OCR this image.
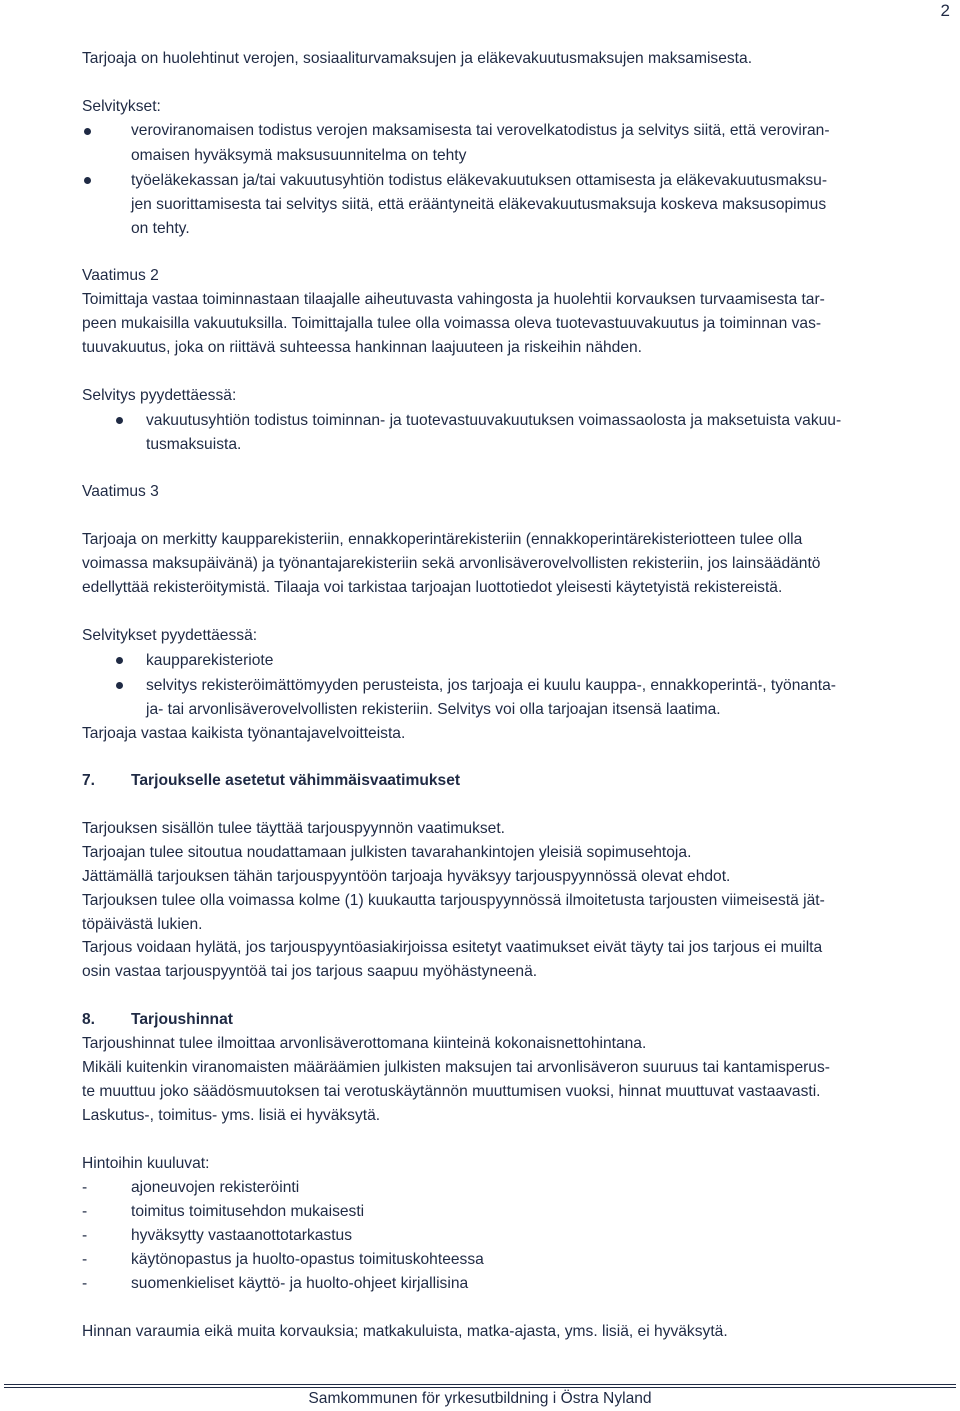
2
Tarjoaja on huolehtinut verojen, sosiaaliturvamaksujen ja eläkevakuutusmaksujen maksamisesta.
Selvitykset:
veroviranomaisen todistus verojen maksamisesta tai verovelkatodistus ja selvitys siitä, että veroviran-
omaisen hyväksymä maksusuunnitelma on tehty
työeläkekassan ja/tai vakuutusyhtiön todistus eläkevakuutuksen ottamisesta ja eläkevakuutusmaksu-
jen suorittamisesta tai selvitys siitä, että erääntyneitä eläkevakuutusmaksuja koskeva maksusopimus
on tehty.
Vaatimus 2
Toimittaja vastaa toiminnastaan tilaajalle aiheutuvasta vahingosta ja huolehtii korvauksen turvaamisesta tar-
peen mukaisilla vakuutuksilla. Toimittajalla tulee olla voimassa oleva tuotevastuuvakuutus ja toiminnan vas-
tuuvakuutus, joka on riittävä suhteessa hankinnan laajuuteen ja riskeihin nähden.
Selvitys pyydettäessä:
vakuutusyhtiön todistus toiminnan- ja tuotevastuuvakuutuksen voimassaolosta ja maksetuista vakuu-
tusmaksuista.
Vaatimus 3
Tarjoaja on merkitty kaupparekisteriin, ennakkoperintärekisteriin (ennakkoperintärekisteriotteen tulee olla
voimassa maksupäivänä) ja työnantajarekisteriin sekä arvonlisäverovelvollisten rekisteriin, jos lainsäädäntö
edellyttää rekisteröitymistä. Tilaaja voi tarkistaa tarjoajan luottotiedot yleisesti käytetyistä rekistereistä.
Selvitykset pyydettäessä:
kaupparekisteriote
selvitys rekisteröimättömyyden perusteista, jos tarjoaja ei kuulu kauppa-, ennakkoperintä-, työnanta-
ja- tai arvonlisäverovelvollisten rekisteriin. Selvitys voi olla tarjoajan itsensä laatima.
Tarjoaja vastaa kaikista työnantajavelvoitteista.
7. Tarjoukselle asetetut vähimmäisvaatimukset
Tarjouksen sisällön tulee täyttää tarjouspyynnön vaatimukset.
Tarjoajan tulee sitoutua noudattamaan julkisten tavarahankintojen yleisiä sopimusehtoja.
Jättämällä tarjouksen tähän tarjouspyyntöön tarjoaja hyväksyy tarjouspyynnössä olevat ehdot.
Tarjouksen tulee olla voimassa kolme (1) kuukautta tarjouspyynnössä ilmoitetusta tarjousten viimeisestä jät-
töpäivästä lukien.
Tarjous voidaan hylätä, jos tarjouspyyntöasiakirjoissa esitetyt vaatimukset eivät täyty tai jos tarjous ei muilta
osin vastaa tarjouspyyntöä tai jos tarjous saapuu myöhästyneenä.
8. Tarjoushinnat
Tarjoushinnat tulee ilmoittaa arvonlisäverottomana kiinteinä kokonaisnettohintana.
Mikäli kuitenkin viranomaisten määräämien julkisten maksujen tai arvonlisäveron suuruus tai kantamisperus-
te muuttuu joko säädösmuutoksen tai verotuskäytännön muuttumisen vuoksi, hinnat muuttuvat vastaavasti.
Laskutus-, toimitus- yms. lisiä ei hyväksytä.
Hintoihin kuuluvat:
-	ajoneuvojen rekisteröinti
-	toimitus toimitusehdon mukaisesti
-	hyväksytty vastaanottotarkastus
-	käytönopastus ja huolto-opastus toimituskohteessa
-	suomenkieliset käyttö- ja huolto-ohjeet kirjallisina
Hinnan varaumia eikä muita korvauksia; matkakuluista, matka-ajasta, yms. lisiä, ei hyväksytä.
Samkommunen för yrkesutbildning i Östra Nyland
